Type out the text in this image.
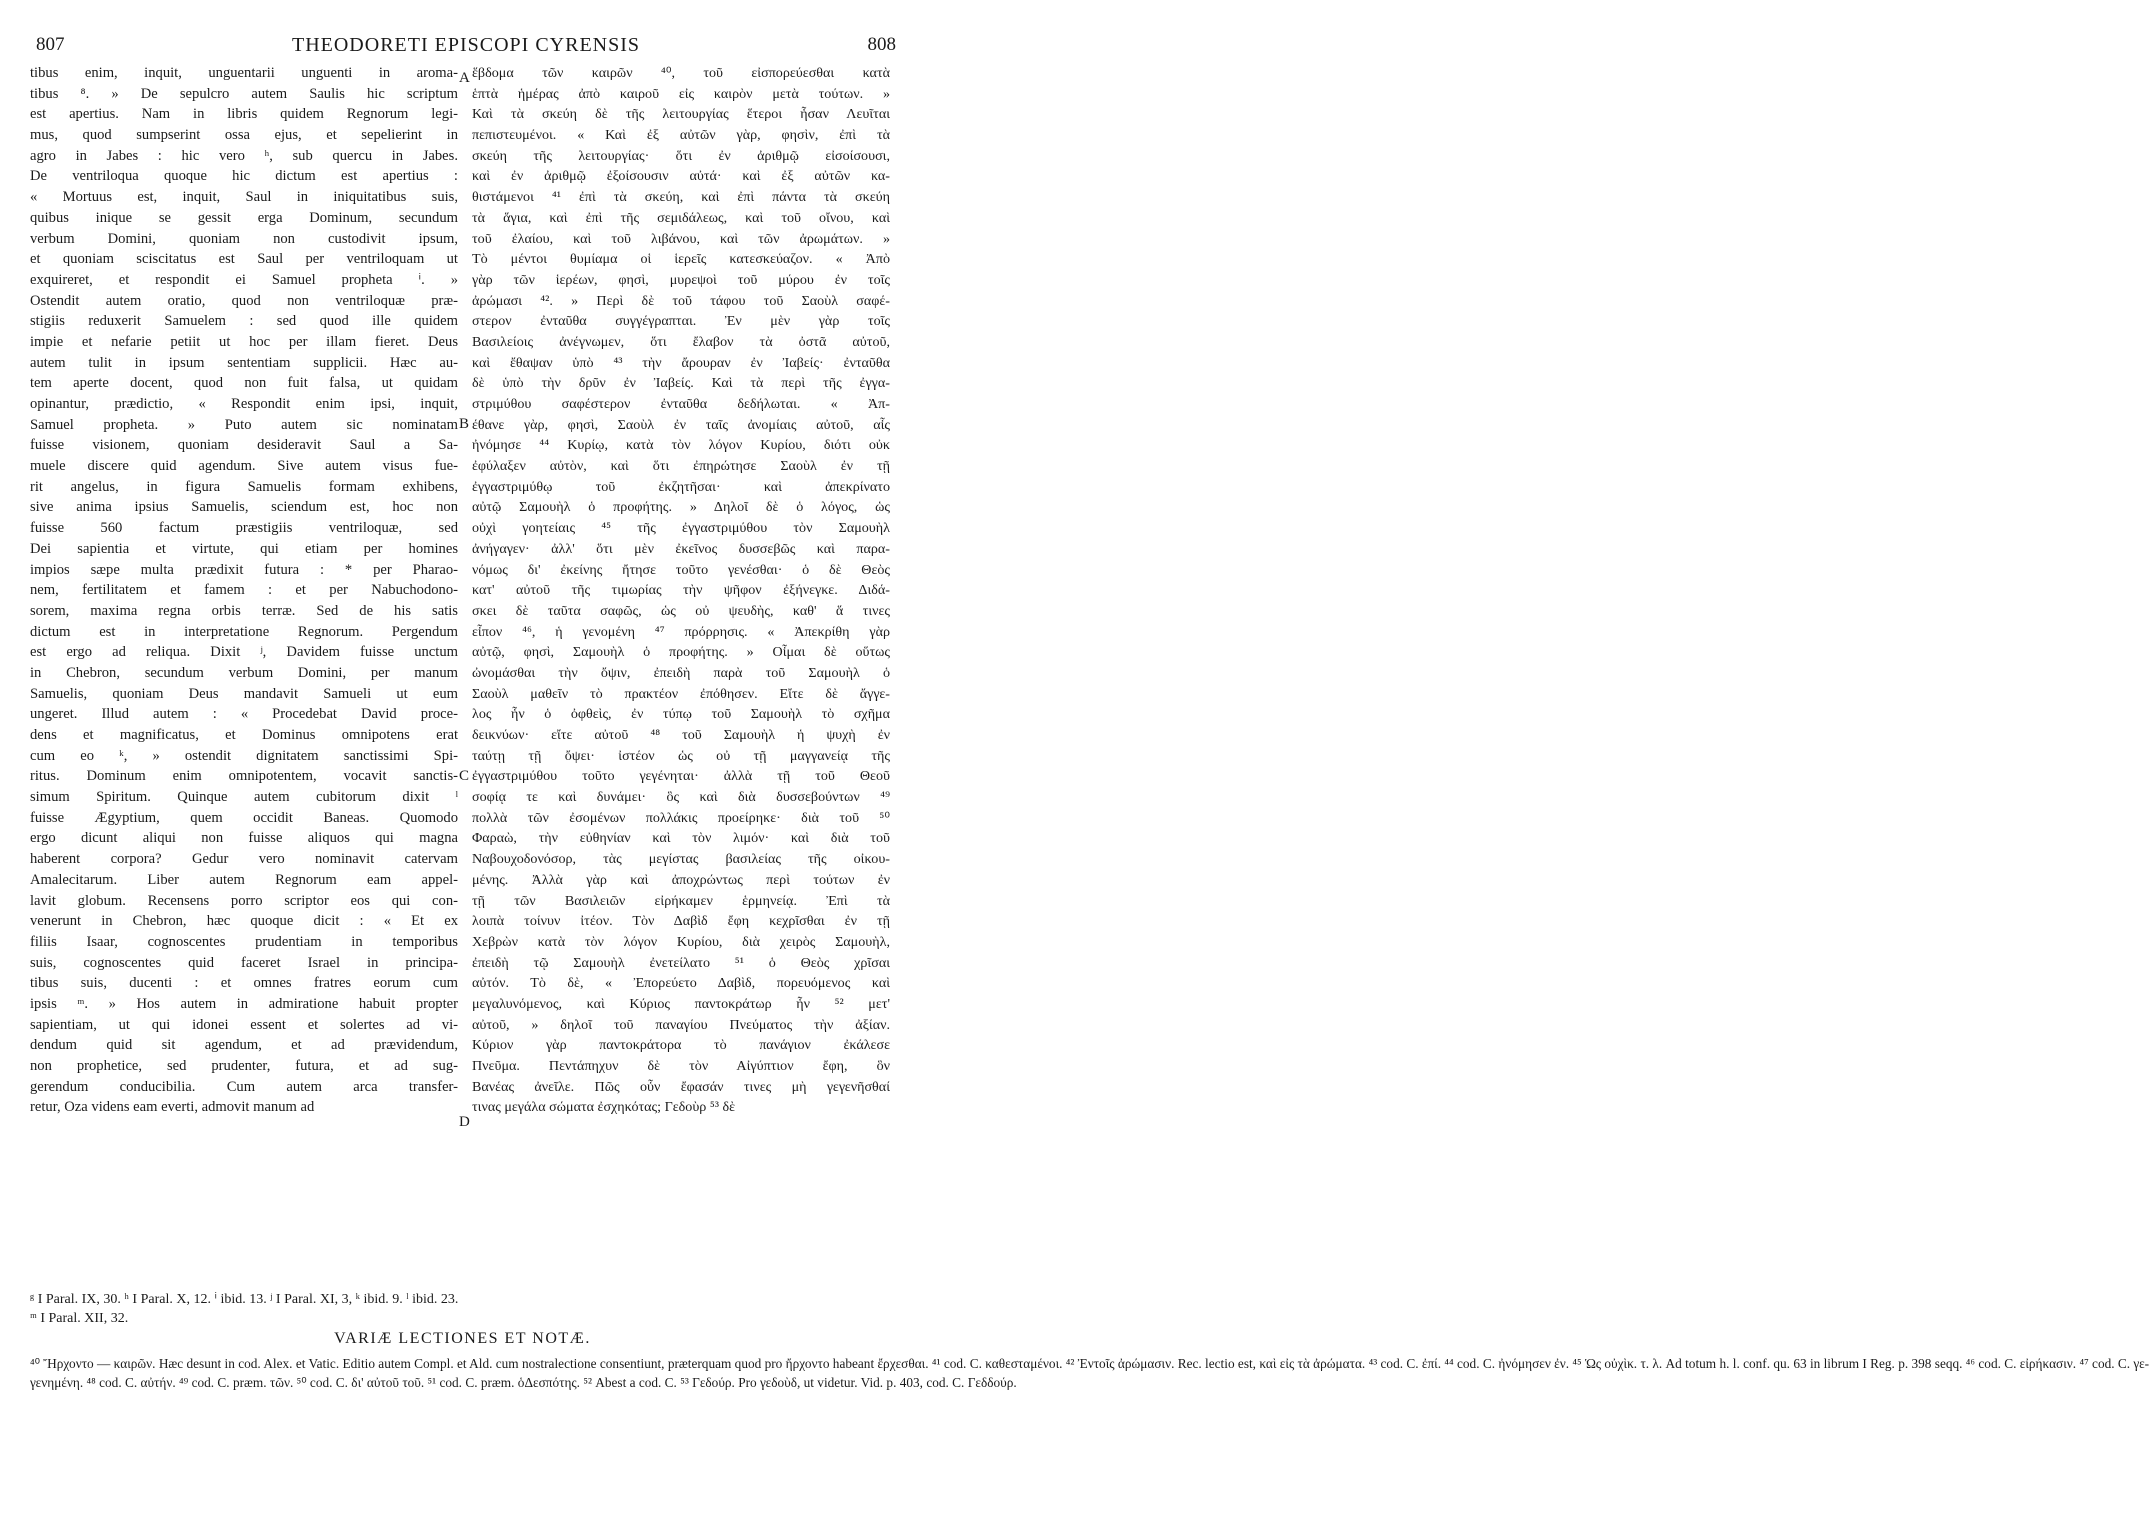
807	THEODORETI EPISCOPI CYRENSIS	808
tibus enim, inquit, unguentarii unguenti in aroma-
tibus ⁸. » De sepulcro autem Saulis hic scriptum
est apertius. Nam in libris quidem Regnorum legi-
mus, quod sumpserint ossa ejus, et sepelierint in
agro in Jabes : hic vero ʰ, sub quercu in Jabes.
De ventriloqua quoque hic dictum est apertius :
« Mortuus est, inquit, Saul in iniquitatibus suis,
quibus inique se gessit erga Dominum, secundum
verbum Domini, quoniam non custodivit ipsum,
et quoniam sciscitatus est Saul per ventriloquam ut
exquireret, et respondit ei Samuel propheta ⁱ. »
Ostendit autem oratio, quod non ventriloquæ præ-
stigiis reduxerit Samuelem : sed quod ille quidem
impie et nefarie petiit ut hoc per illam fieret. Deus
autem tulit in ipsum sententiam supplicii. Hæc au-
tem aperte docent, quod non fuit falsa, ut quidam
opinantur, prædictio, « Respondit enim ipsi, inquit,
Samuel propheta. » Puto autem sic nominatam
fuisse visionem, quoniam desideravit Saul a Sa-
muele discere quid agendum. Sive autem visus fue-
rit angelus, in figura Samuelis formam exhibens,
sive anima ipsius Samuelis, sciendum est, hoc non
fuisse 560 factum præstigiis ventriloquæ, sed
Dei sapientia et virtute, qui etiam per homines
impios sæpe multa prædixit futura : * per Pharao-
nem, fertilitatem et famem : et per Nabuchodono-
sorem, maxima regna orbis terræ. Sed de his satis
dictum est in interpretatione Regnorum. Pergendum
est ergo ad reliqua. Dixit ʲ, Davidem fuisse unctum
in Chebron, secundum verbum Domini, per manum
Samuelis, quoniam Deus mandavit Samueli ut eum
ungeret. Illud autem : « Procedebat David proce-
dens et magnificatus, et Dominus omnipotens erat
cum eo ᵏ, » ostendit dignitatem sanctissimi Spi-
ritus. Dominum enim omnipotentem, vocavit sanctis-
simum Spiritum. Quinque autem cubitorum dixit ˡ
fuisse Ægyptium, quem occidit Baneas. Quomodo
ergo dicunt aliqui non fuisse aliquos qui magna
haberent corpora? Gedur vero nominavit catervam
Amalecitarum. Liber autem Regnorum eam appel-
lavit globum. Recensens porro scriptor eos qui con-
venerunt in Chebron, hæc quoque dicit : « Et ex
filiis Isaar, cognoscentes prudentiam in temporibus
suis, cognoscentes quid faceret Israel in principa-
tibus suis, ducenti : et omnes fratres eorum cum
ipsis ᵐ. » Hos autem in admiratione habuit propter
sapientiam, ut qui idonei essent et solertes ad vi-
dendum quid sit agendum, et ad prævidendum,
non prophetice, sed prudenter, futura, et ad sug-
gerendum conducibilia. Cum autem arca transfer-
retur, Oza videns eam everti, admovit manum ad
ἕβδομα τῶν καιρῶν ⁴⁰, τοῦ εἰσπορεύεσθαι κατὰ
ἑπτὰ ἡμέρας ἀπὸ καιροῦ εἰς καιρὸν μετὰ τούτων. »
Καὶ τὰ σκεύη δὲ τῆς λειτουργίας ἕτεροι ἦσαν Λευῖται
πεπιστευμένοι. « Καὶ ἐξ αὐτῶν γὰρ, φησὶν, ἐπὶ τὰ
σκεύη τῆς λειτουργίας· ὅτι ἐν ἀριθμῷ εἰσοίσουσι,
καὶ ἐν ἀριθμῷ ἐξοίσουσιν αὐτά· καὶ ἐξ αὐτῶν κα-
θιστάμενοι ⁴¹ ἐπὶ τὰ σκεύη, καὶ ἐπὶ πάντα τὰ σκεύη
τὰ ἅγια, καὶ ἐπὶ τῆς σεμιδάλεως, καὶ τοῦ οἴνου, καὶ
τοῦ ἐλαίου, καὶ τοῦ λιβάνου, καὶ τῶν ἀρωμάτων. »
Τὸ μέντοι θυμίαμα οἱ ἱερεῖς κατεσκεύαζον. « Ἀπὸ
γὰρ τῶν ἱερέων, φησὶ, μυρεψοὶ τοῦ μύρου ἐν τοῖς
ἀρώμασι ⁴². » Περὶ δὲ τοῦ τάφου τοῦ Σαοὺλ σαφέ-
στερον ἐνταῦθα συγγέγραπται. Ἐν μὲν γὰρ τοῖς
Βασιλείοις ἀνέγνωμεν, ὅτι ἔλαβον τὰ ὀστᾶ αὐτοῦ,
καὶ ἔθαψαν ὑπὸ ⁴³ τὴν ἄρουραν ἐν Ἰαβείς· ἐνταῦθα
δὲ ὑπὸ τὴν δρῦν ἐν Ἰαβείς. Καὶ τὰ περὶ τῆς ἐγγα-
στριμύθου σαφέστερον ἐνταῦθα δεδήλωται. « Ἀπ-
έθανε γὰρ, φησὶ, Σαοὺλ ἐν ταῖς ἀνομίαις αὐτοῦ, αἷς
ἠνόμησε ⁴⁴ Κυρίῳ, κατὰ τὸν λόγον Κυρίου, διότι οὐκ
ἐφύλαξεν αὐτὸν, καὶ ὅτι ἐπηρώτησε Σαοὺλ ἐν τῇ
ἐγγαστριμύθῳ τοῦ ἐκζητῆσαι· καὶ ἀπεκρίνατο
αὐτῷ Σαμουὴλ ὁ προφήτης. » Δηλοῖ δὲ ὁ λόγος, ὡς
οὐχὶ γοητείαις ⁴⁵ τῆς ἐγγαστριμύθου τὸν Σαμουὴλ
ἀνήγαγεν· ἀλλ' ὅτι μὲν ἐκεῖνος δυσσεβῶς καὶ παρα-
νόμως δι' ἐκείνης ἤτησε τοῦτο γενέσθαι· ὁ δὲ Θεὸς
κατ' αὐτοῦ τῆς τιμωρίας τὴν ψῆφον ἐξήνεγκε. Διδά-
σκει δὲ ταῦτα σαφῶς, ὡς οὐ ψευδὴς, καθ' ἅ τινες
εἶπον ⁴⁶, ἡ γενομένη ⁴⁷ πρόρρησις. « Ἀπεκρίθη γὰρ
αὐτῷ, φησὶ, Σαμουὴλ ὁ προφήτης. » Οἶμαι δὲ οὕτως
ὠνομάσθαι τὴν ὄψιν, ἐπειδὴ παρὰ τοῦ Σαμουὴλ ὁ
Σαοὺλ μαθεῖν τὸ πρακτέον ἐπόθησεν. Εἴτε δὲ ἄγγε-
λος ἦν ὁ ὀφθεὶς, ἐν τύπῳ τοῦ Σαμουὴλ τὸ σχῆμα
δεικνύων· εἴτε αὐτοῦ ⁴⁸ τοῦ Σαμουὴλ ἡ ψυχὴ ἐν
ταύτῃ τῇ ὄψει· ἰστέον ὡς οὐ τῇ μαγγανείᾳ τῆς
ἐγγαστριμύθου τοῦτο γεγένηται· ἀλλὰ τῇ τοῦ Θεοῦ
σοφίᾳ τε καὶ δυνάμει· ὃς καὶ διὰ δυσσεβούντων ⁴⁹
πολλὰ τῶν ἐσομένων πολλάκις προείρηκε· διὰ τοῦ ⁵⁰
Φαραὼ, τὴν εὐθηνίαν καὶ τὸν λιμόν· καὶ διὰ τοῦ
Ναβουχοδονόσορ, τὰς μεγίστας βασιλείας τῆς οἰκου-
μένης. Ἀλλὰ γὰρ καὶ ἀποχρώντως περὶ τούτων ἐν
τῇ τῶν Βασιλειῶν εἰρήκαμεν ἑρμηνείᾳ. Ἐπὶ τὰ
λοιπὰ τοίνυν ἰτέον. Τὸν Δαβὶδ ἔφη κεχρῖσθαι ἐν τῇ
Χεβρὼν κατὰ τὸν λόγον Κυρίου, διὰ χειρὸς Σαμουὴλ,
ἐπειδὴ τῷ Σαμουὴλ ἐνετείλατο ⁵¹ ὁ Θεὸς χρῖσαι
αὐτόν. Τὸ δὲ, « Ἐπορεύετο Δαβὶδ, πορευόμενος καὶ
μεγαλυνόμενος, καὶ Κύριος παντοκράτωρ ἦν ⁵² μετ'
αὐτοῦ, » δηλοῖ τοῦ παναγίου Πνεύματος τὴν ἀξίαν.
Κύριον γὰρ παντοκράτορα τὸ πανάγιον ἐκάλεσε
Πνεῦμα. Πεντάπηχυν δὲ τὸν Αἰγύπτιον ἔφη, ὃν
Βανέας ἀνεῖλε. Πῶς οὖν ἔφασάν τινες μὴ γεγενῆσθαί
τινας μεγάλα σώματα ἐσχηκότας; Γεδοὺρ ⁵³ δὲ
A
B
C
D
ᵍ I Paral. IX, 30. ʰ I Paral. X, 12. ⁱ ibid. 13. ʲ I Paral. XI, 3, ᵏ ibid. 9. ˡ ibid. 23.
ᵐ I Paral. XII, 32.
VARIÆ LECTIONES ET NOTÆ.
⁴⁰ Ἤρχοντο — καιρῶν. Hæc desunt in cod. Alex. et Vatic. Editio autem Compl. et Ald. cum nostralectione consentiunt, præterquam quod pro ἤρχοντο habeant ἔρχεσθαι. ⁴¹ cod. C. καθεσταμένοι. ⁴² Ἐντοῖς ἀρώμασιν. Rec. lectio est, καὶ εἰς τὰ ἀρώματα. ⁴³ cod. C. ἐπί. ⁴⁴ cod. C. ἠνόμησεν ἐν. ⁴⁵ Ὡς οὐχὶκ. τ. λ. Ad totum h. l. conf. qu. 63 in librum I Reg. p. 398 seqq. ⁴⁶ cod. C. εἰρήκασιν. ⁴⁷ cod. C. γε-γενημένη. ⁴⁸ cod. C. αὐτήν. ⁴⁹ cod. C. præm. τῶν. ⁵⁰ cod. C. δι' αὐτοῦ τοῦ. ⁵¹ cod. C. præm. ὁΔεσπότης. ⁵² Abest a cod. C. ⁵³ Γεδούρ. Pro γεδοὺδ, ut videtur. Vid. p. 403, cod. C. Γεδδούρ.
